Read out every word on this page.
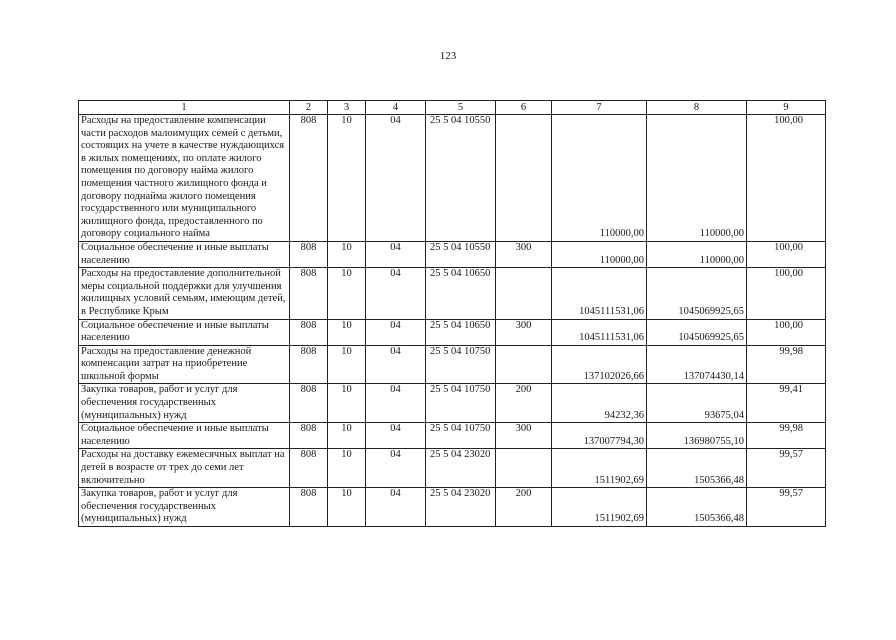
123
1	2	3	4	5	6	7	8	9
Расходы на предоставление компенсации части расходов малоимущих семей с детьми, состоящих на учете в качестве нуждающихся в жилых помещениях, по оплате жилого помещения по договору найма жилого помещения частного жилищного фонда и договору поднайма жилого помещения государственного или муниципального жилищного фонда, предоставленного по договору социального найма	808	10	04	25 5 04 10550		110000,00	110000,00	100,00
Социальное обеспечение и иные выплаты населению	808	10	04	25 5 04 10550	300	110000,00	110000,00	100,00
Расходы на предоставление дополнительной меры социальной поддержки для улучшения жилищных условий семьям, имеющим детей, в Республике Крым	808	10	04	25 5 04 10650		1045111531,06	1045069925,65	100,00
Социальное обеспечение и иные выплаты населению	808	10	04	25 5 04 10650	300	1045111531,06	1045069925,65	100,00
Расходы на предоставление денежной компенсации затрат на приобретение школьной формы	808	10	04	25 5 04 10750		137102026,66	137074430,14	99,98
Закупка товаров, работ и услуг для обеспечения государственных (муниципальных) нужд	808	10	04	25 5 04 10750	200	94232,36	93675,04	99,41
Социальное обеспечение и иные выплаты населению	808	10	04	25 5 04 10750	300	137007794,30	136980755,10	99,98
Расходы на доставку ежемесячных выплат на детей в возрасте от трех до семи лет включительно	808	10	04	25 5 04 23020		1511902,69	1505366,48	99,57
Закупка товаров, работ и услуг для обеспечения государственных (муниципальных) нужд	808	10	04	25 5 04 23020	200	1511902,69	1505366,48	99,57
